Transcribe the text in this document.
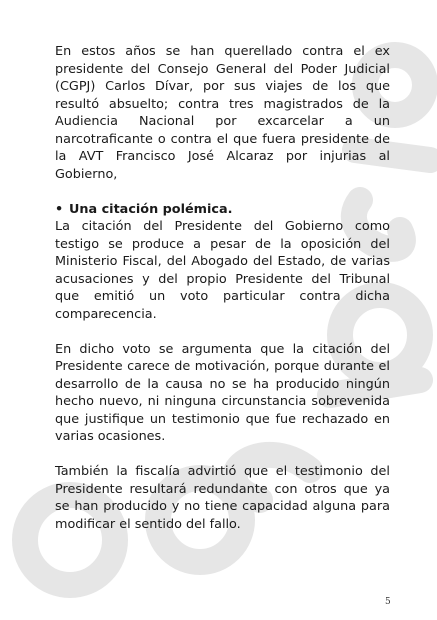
En estos años se han querellado contra el ex presidente del Consejo General del Poder Judicial (CGPJ) Carlos Dívar, por sus viajes de los que resultó absuelto; contra tres magistrados de la Audiencia Nacional por excarcelar a un narcotraficante o contra el que fuera presidente de la AVT Francisco José Alcaraz por injurias al Gobierno,

• Una citación polémica.

La citación del Presidente del Gobierno como testigo se produce a pesar de la oposición del Ministerio Fiscal, del Abogado del Estado, de varias acusaciones y del propio Presidente del Tribunal que emitió un voto particular contra dicha comparecencia.

En dicho voto se argumenta que la citación del Presidente carece de motivación, porque durante el desarrollo de la causa no se ha producido ningún hecho nuevo, ni ninguna circunstancia sobrevenida que justifique un testimonio que fue rechazado en varias ocasiones.

También la fiscalía advirtió que el testimonio del Presidente resultará redundante con otros que ya se han producido y no tiene capacidad alguna para modificar el sentido del fallo.

5
